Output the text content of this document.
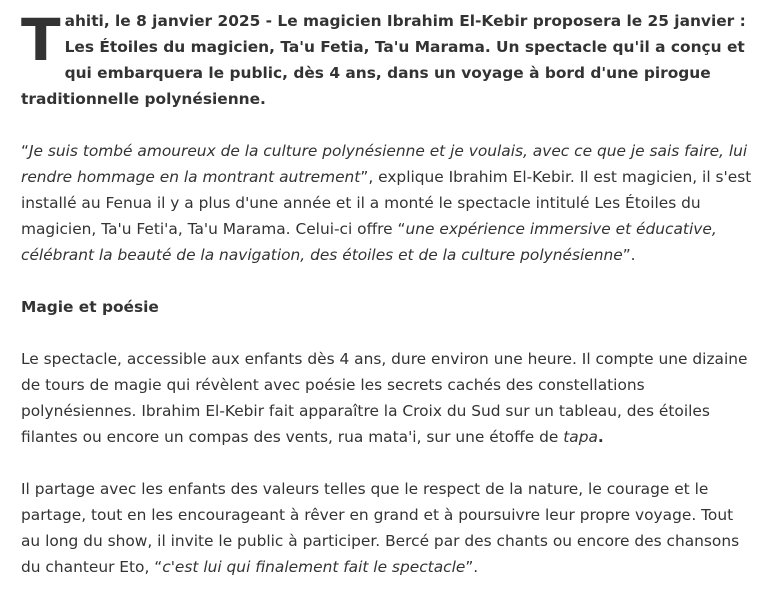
Tahiti, le 8 janvier 2025 - Le magicien Ibrahim El-Kebir proposera le 25 janvier : Les Étoiles du magicien, Ta'u Fetia, Ta'u Marama. Un spectacle qu'il a conçu et qui embarquera le public, dès 4 ans, dans un voyage à bord d'une pirogue traditionnelle polynésienne.

“Je suis tombé amoureux de la culture polynésienne et je voulais, avec ce que je sais faire, lui rendre hommage en la montrant autrement”, explique Ibrahim El-Kebir. Il est magicien, il s'est installé au Fenua il y a plus d'une année et il a monté le spectacle intitulé Les Étoiles du magicien, Ta'u Feti'a, Ta'u Marama. Celui-ci offre “une expérience immersive et éducative, célébrant la beauté de la navigation, des étoiles et de la culture polynésienne”.

Magie et poésie

Le spectacle, accessible aux enfants dès 4 ans, dure environ une heure. Il compte une dizaine de tours de magie qui révèlent avec poésie les secrets cachés des constellations polynésiennes. Ibrahim El-Kebir fait apparaître la Croix du Sud sur un tableau, des étoiles filantes ou encore un compas des vents, rua mata'i, sur une étoffe de tapa.

Il partage avec les enfants des valeurs telles que le respect de la nature, le courage et le partage, tout en les encourageant à rêver en grand et à poursuivre leur propre voyage. Tout au long du show, il invite le public à participer. Bercé par des chants ou encore des chansons du chanteur Eto, “c'est lui qui finalement fait le spectacle”.
